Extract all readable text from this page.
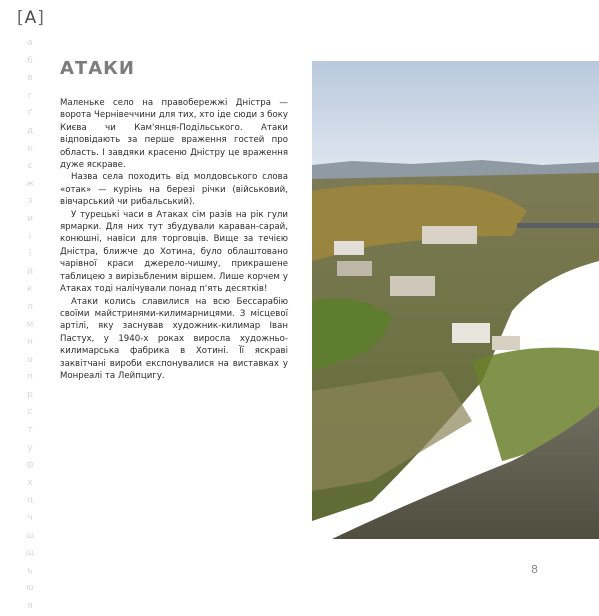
[А]
а
б
в
г
ґ
д
е
є
ж
з
и
і
ї
й
к
л
м
н
о
п
р
с
т
у
ф
х
ц
ч
ш
щ
ь
ю
я
АТАКИ

Маленьке село на правобережжі Дністра — ворота Чернівеччини для тих, хто іде сюди з боку Києва чи Кам'янця-Подільського. Атаки відповідають за перше враження гостей про область. І завдяки красеню Дністру це враження дуже яскраве.

Назва села походить від молдовського слова «отак» — курінь на березі річки (військовий, вівчарський чи рибальський).

У турецькі часи в Атаках сім разів на рік гули ярмарки. Для них тут збудували караван-сарай, конюшні, навіси для торговців. Вище за течією Дністра, ближче до Хотина, було облаштовано чарівної краси джерело-чишму, прикрашене таблицею з вирізьбленим віршем. Лише корчем у Атаках тоді налічували понад п'ять десятків!

Атаки колись славилися на всю Бессарабію своїми майстринями-килимарницями. З місцевої артілі, яку заснував художник-килимар Іван Пастух, у 1940-х роках виросла художньо-килимарська фабрика в Хотині. Її яскраві заквітчані вироби експонувалися на виставках у Монреалі та Лейпцигу.

8
